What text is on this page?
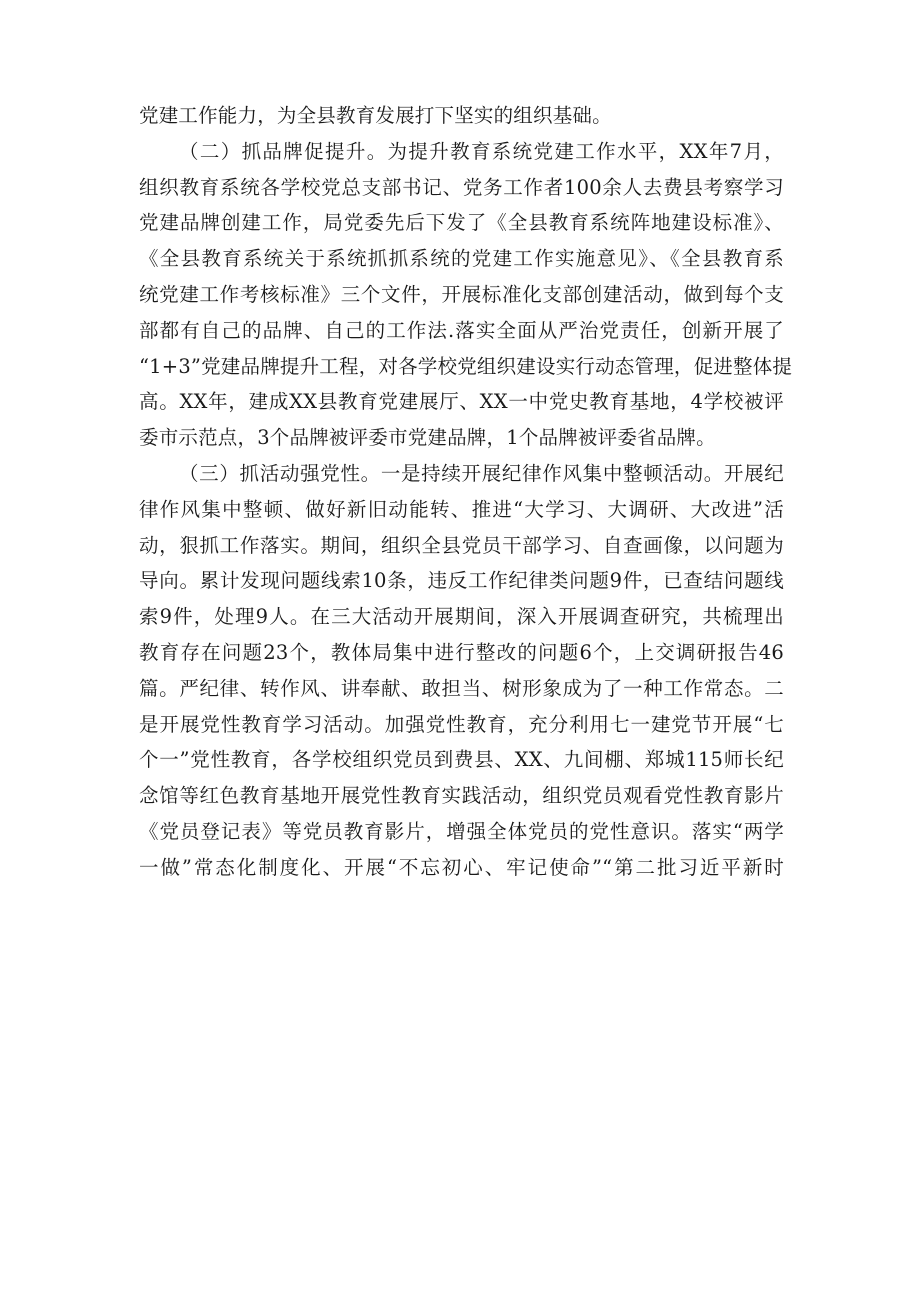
党建工作能力，为全县教育发展打下坚实的组织基础。
（二）抓品牌促提升。为提升教育系统党建工作水平，XX年7月，
组织教育系统各学校党总支部书记、党务工作者100余人去费县考察学习
党建品牌创建工作，局党委先后下发了《全县教育系统阵地建设标准》、
《全县教育系统关于系统抓抓系统的党建工作实施意见》、《全县教育系
统党建工作考核标准》三个文件，开展标准化支部创建活动，做到每个支
部都有自己的品牌、自己的工作法.落实全面从严治党责任，创新开展了
“1+3”党建品牌提升工程，对各学校党组织建设实行动态管理，促进整体提
高。XX年，建成XX县教育党建展厅、XX一中党史教育基地，4学校被评
委市示范点，3个品牌被评委市党建品牌，1个品牌被评委省品牌。
（三）抓活动强党性。一是持续开展纪律作风集中整顿活动。开展纪
律作风集中整顿、做好新旧动能转、推进“大学习、大调研、大改进”活
动，狠抓工作落实。期间，组织全县党员干部学习、自查画像，以问题为
导向。累计发现问题线索10条，违反工作纪律类问题9件，已查结问题线
索9件，处理9人。在三大活动开展期间，深入开展调查研究，共梳理出
教育存在问题23个，教体局集中进行整改的问题6个，上交调研报告46
篇。严纪律、转作风、讲奉献、敢担当、树形象成为了一种工作常态。二
是开展党性教育学习活动。加强党性教育，充分利用七一建党节开展“七
个一”党性教育，各学校组织党员到费县、XX、九间棚、郑城115师长纪
念馆等红色教育基地开展党性教育实践活动，组织党员观看党性教育影片
《党员登记表》等党员教育影片，增强全体党员的党性意识。落实“两学
一做”常态化制度化、开展“不忘初心、牢记使命”“第二批习近平新时
